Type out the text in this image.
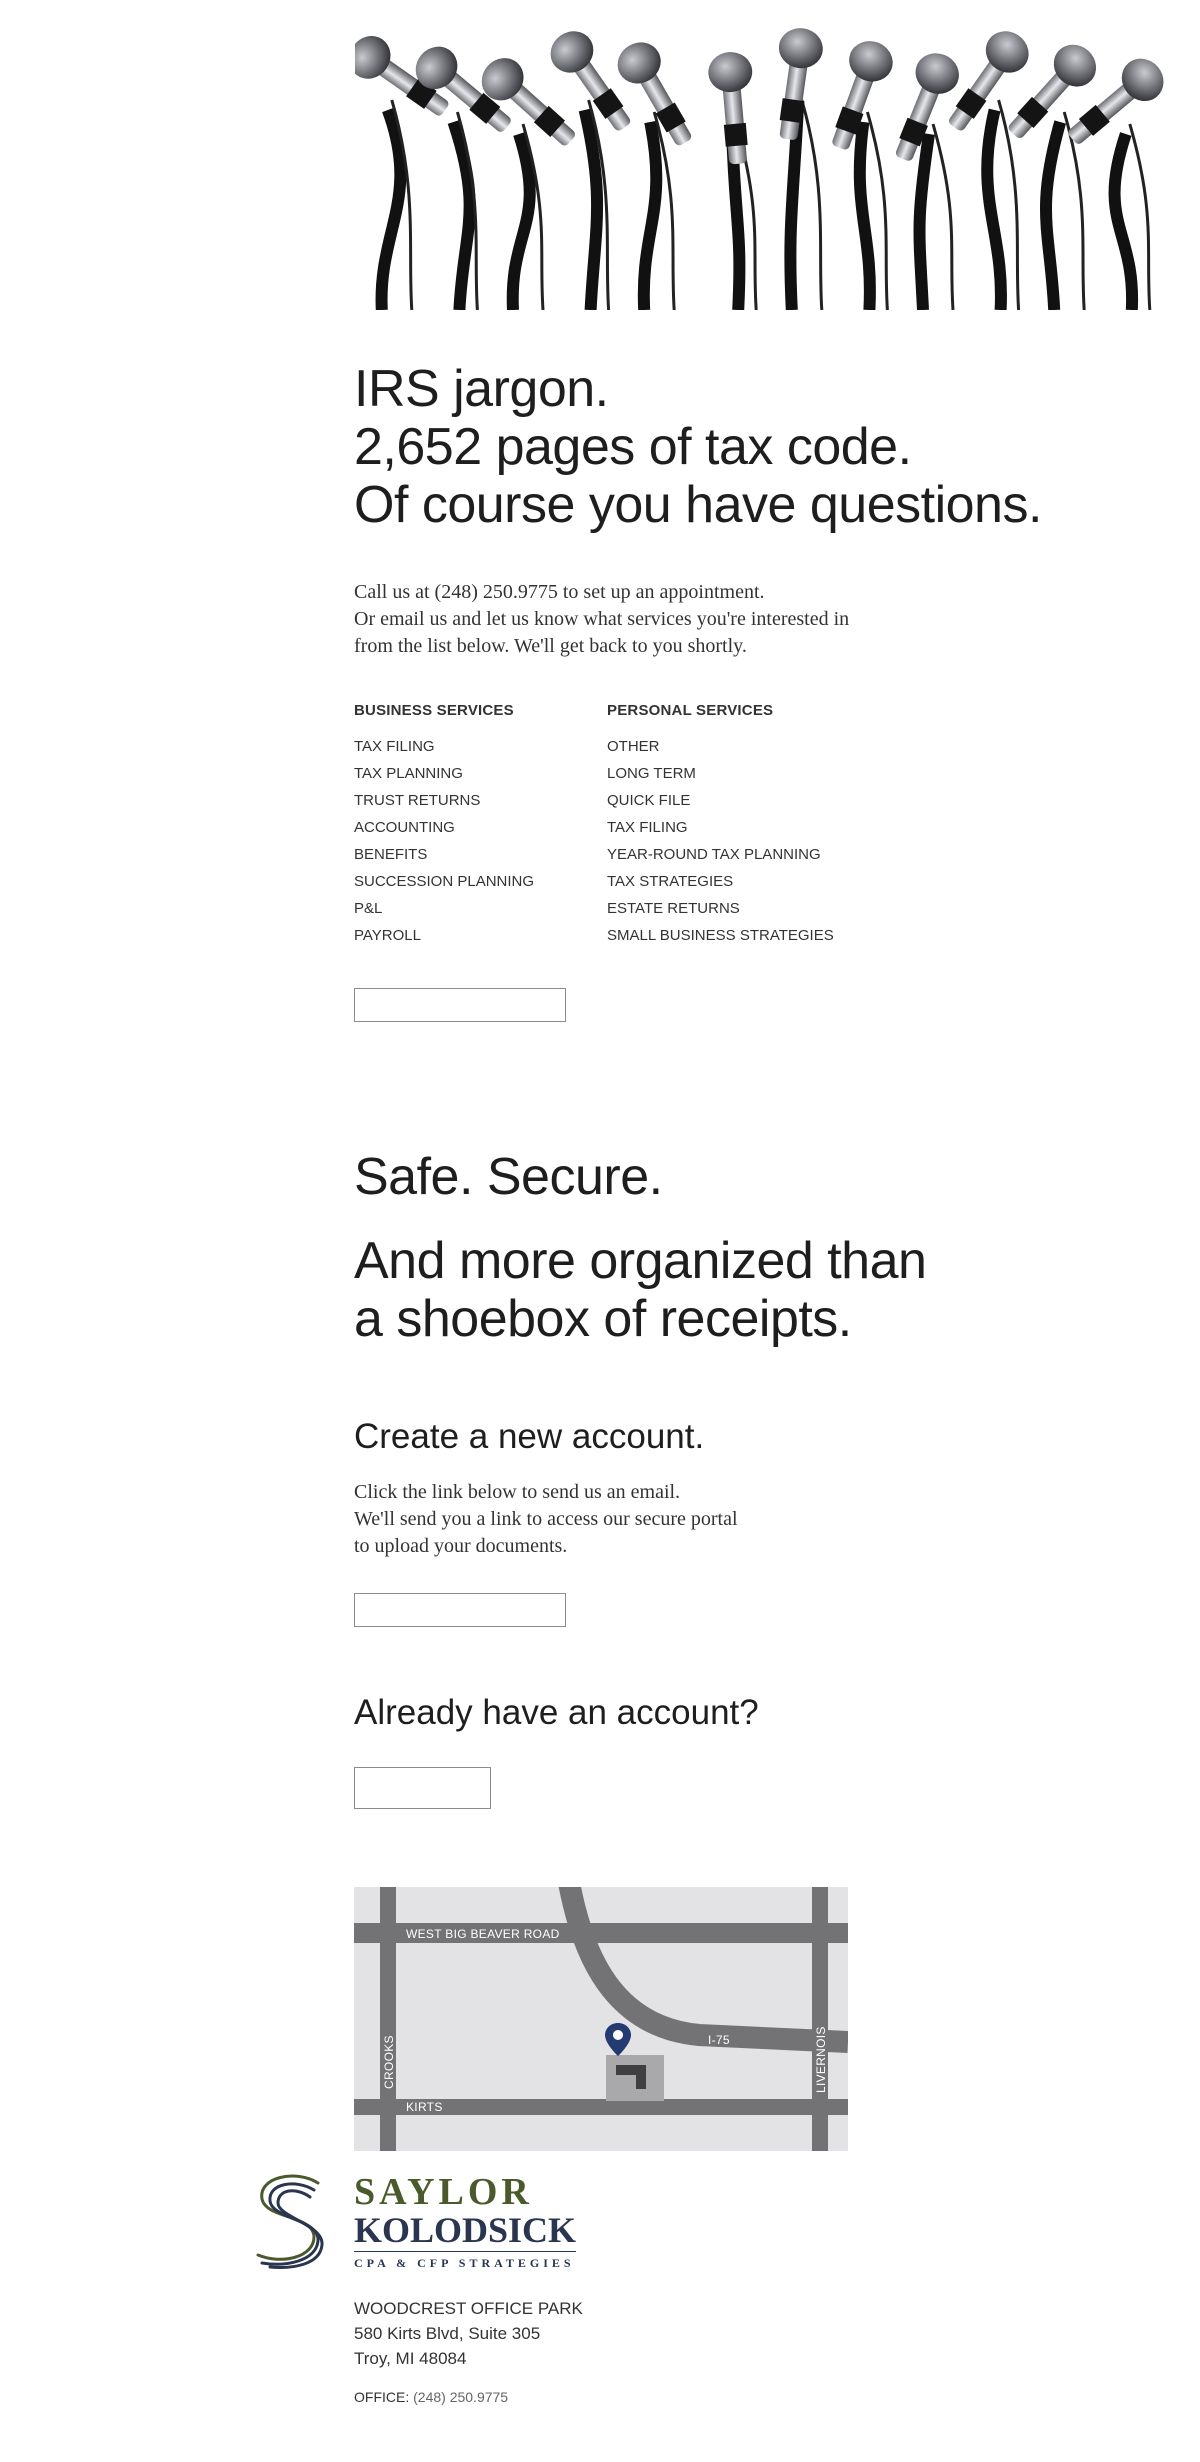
IRS jargon.
2,652 pages of tax code.
Of course you have questions.
Call us at (248) 250.9775 to set up an appointment.
Or email us and let us know what services you're interested in
from the list below. We'll get back to you shortly.
BUSINESS SERVICES
TAX FILING
TAX PLANNING
TRUST RETURNS
ACCOUNTING
BENEFITS
SUCCESSION PLANNING
P&L
PAYROLL
PERSONAL SERVICES
OTHER
LONG TERM
QUICK FILE
TAX FILING
YEAR-ROUND TAX PLANNING
TAX STRATEGIES
ESTATE RETURNS
SMALL BUSINESS STRATEGIES
Safe. Secure.
And more organized than
a shoebox of receipts.
Create a new account.
Click the link below to send us an email.
We'll send you a link to access our secure portal
to upload your documents.
Already have an account?
WEST BIG BEAVER ROAD
I-75
KIRTS
CROOKS	LIVERNOIS
SAYLOR
KOLODSICK
CPA & CFP STRATEGIES
WOODCREST OFFICE PARK
580 Kirts Blvd, Suite 305
Troy, MI 48084
OFFICE: (248) 250.9775
